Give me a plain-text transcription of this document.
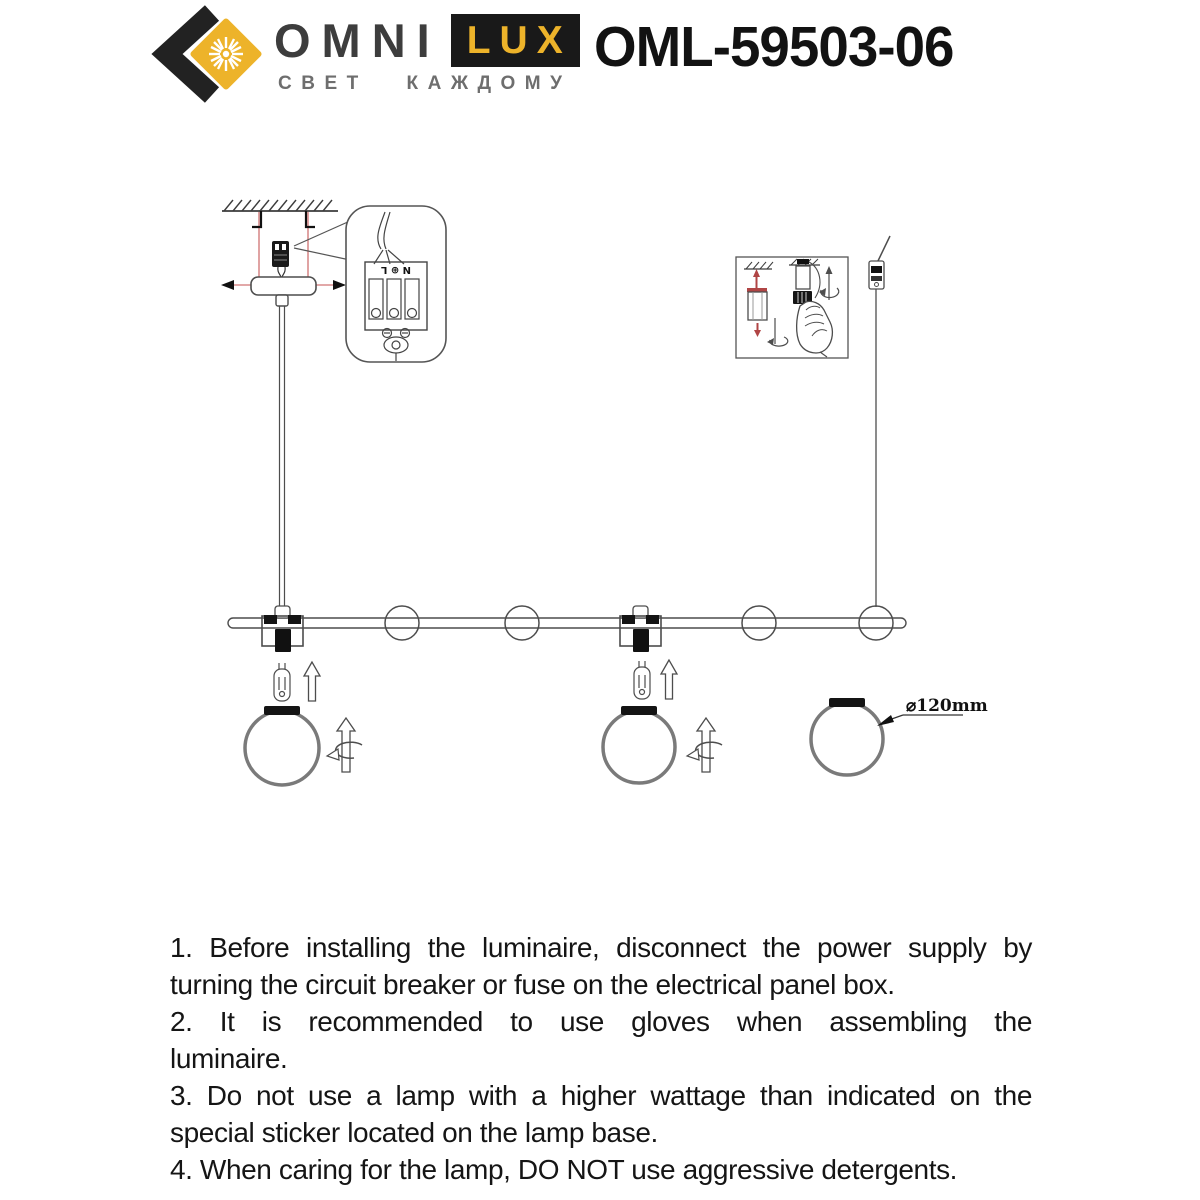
OMNI LUX
СВЕТ КАЖДОМУ
OML-59503-06
N ⊕ L
⌀120mm
1. Before installing the luminaire, disconnect the power supply by
turning the circuit breaker or fuse on the electrical panel box.
2. It is recommended to use gloves when assembling the
luminaire.
3. Do not use a lamp with a higher wattage than indicated on the
special sticker located on the lamp base.
4. When caring for the lamp, DO NOT use aggressive detergents.
